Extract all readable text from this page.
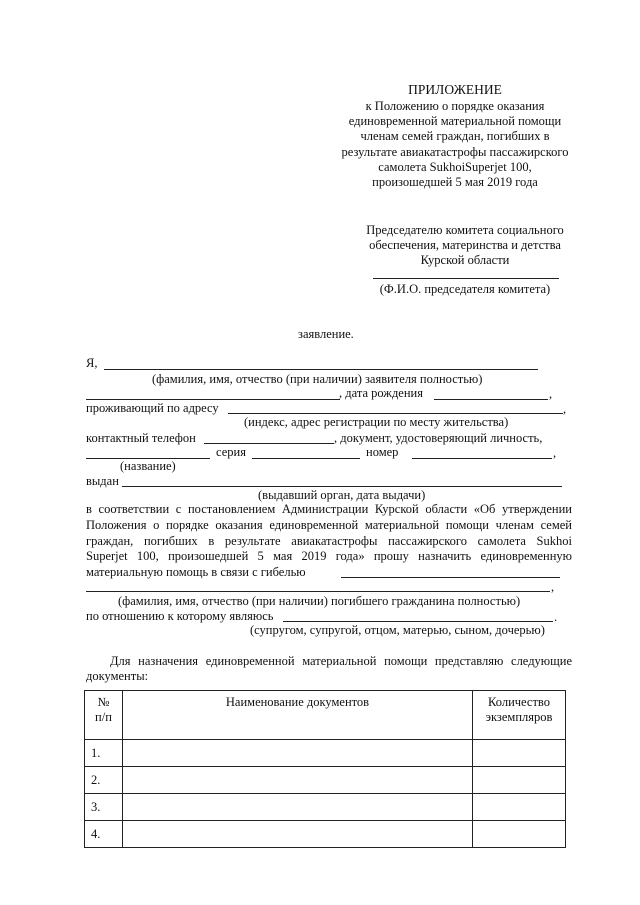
ПРИЛОЖЕНИЕ
к Положению о порядке оказания
единовременной материальной помощи
членам семей граждан, погибших в
результате авиакатастрофы пассажирского
самолета SukhoiSuperjet 100,
произошедшей 5 мая 2019 года
Председателю комитета социального
обеспечения, материнства и детства
Курской области
(Ф.И.О. председателя комитета)
заявление.
Я,
(фамилия, имя, отчество (при наличии) заявителя полностью)
, дата рождения	,
проживающий по адресу	,
(индекс, адрес регистрации по месту жительства)
контактный телефон	, документ, удостоверяющий личность,
серия	номер	,
(название)
выдан
(выдавший орган, дата выдачи)
в соответствии с постановлением Администрации Курской области «Об утверждении
Положения о порядке оказания единовременной материальной помощи членам семей
граждан, погибших в результате авиакатастрофы пассажирского самолета Sukhoi
Superjet 100, произошедшей 5 мая 2019 года» прошу назначить единовременную
материальную помощь в связи с гибелью
,
(фамилия, имя, отчество (при наличии) погибшего гражданина полностью)
по отношению к которому являюсь	.
(супругом, супругой, отцом, матерью, сыном, дочерью)
Для назначения единовременной материальной помощи представляю следующие
документы:
№
п/п	Наименование документов	Количество
экземпляров
1.		
2.		
3.		
4.		
